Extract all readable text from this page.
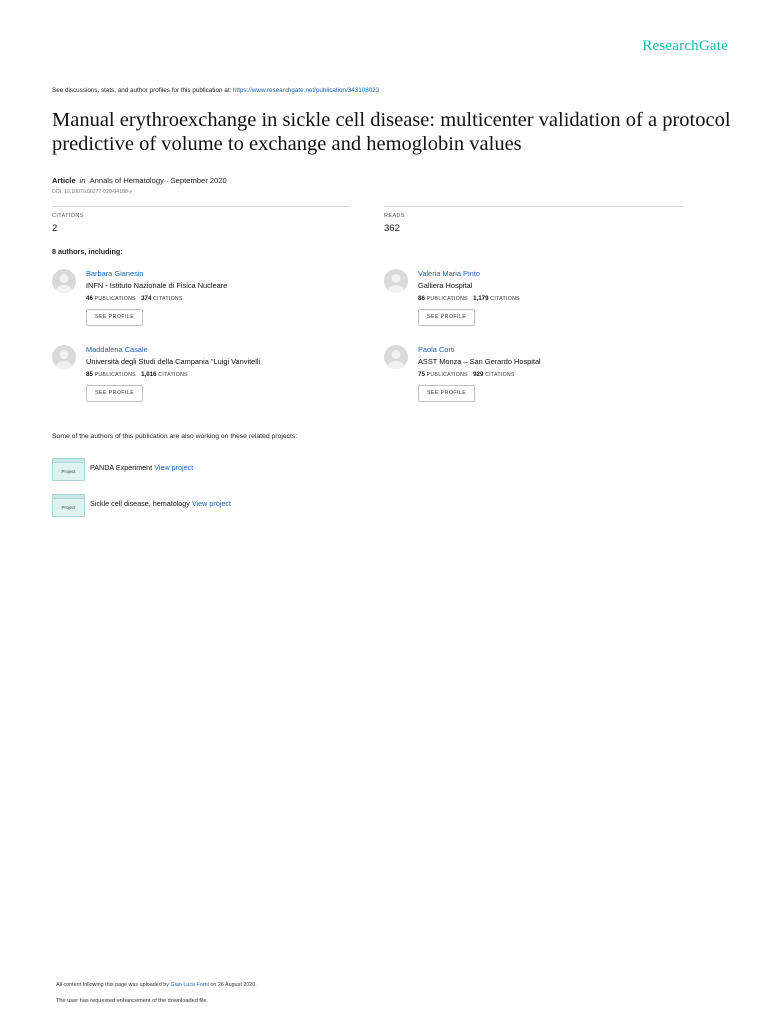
ResearchGate
See discussions, stats, and author profiles for this publication at: https://www.researchgate.net/publication/343108023
Manual erythroexchange in sickle cell disease: multicenter validation of a protocol predictive of volume to exchange and hemoglobin values
Article in Annals of Hematology · September 2020
DOI: 10.1007/s00277-020-04188-y
CITATIONS
2
READS
362
8 authors, including:
Barbara Gianesin
INFN - Istituto Nazionale di Fisica Nucleare
46 PUBLICATIONS 374 CITATIONS
SEE PROFILE
Valeria Maria Pinto
Galliera Hospital
86 PUBLICATIONS 1,179 CITATIONS
SEE PROFILE
Maddalena Casale
Università degli Studi della Campania "Luigi Vanvitelli
85 PUBLICATIONS 1,016 CITATIONS
SEE PROFILE
Paola Corti
ASST Monza – San Gerardo Hospital
75 PUBLICATIONS 929 CITATIONS
SEE PROFILE
Some of the authors of this publication are also working on these related projects:
Project	PANDA Experiment View project
Project	Sickle cell disease, hematology View project
All content following this page was uploaded by Gian Luca Forni on 26 August 2020.
The user has requested enhancement of the downloaded file.
